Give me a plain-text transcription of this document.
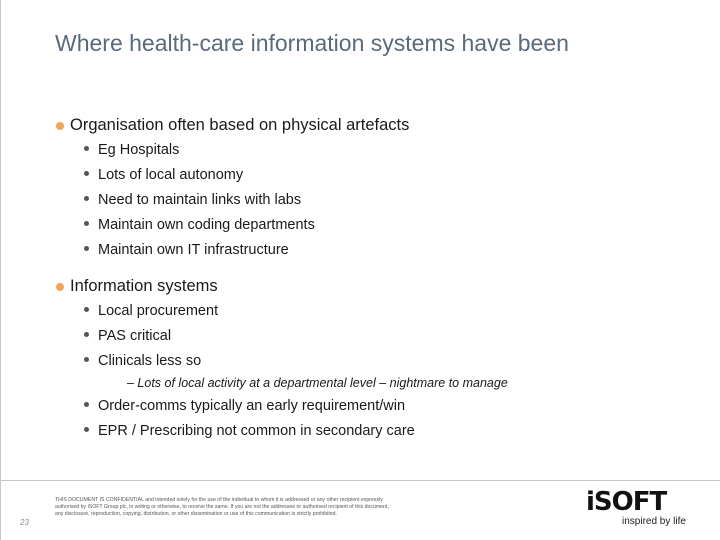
Where health-care information systems have been
Organisation often based on physical artefacts
Eg Hospitals
Lots of local autonomy
Need to maintain links with labs
Maintain own coding departments
Maintain own IT infrastructure
Information systems
Local procurement
PAS critical
Clinicals less so
– Lots of local activity at a departmental level – nightmare to manage
Order-comms typically an early requirement/win
EPR / Prescribing not common in secondary care
23
THIS DOCUMENT IS CONFIDENTIAL and intended solely for the use of the individual to whom it is addressed or any other recipient expressly authorised by iSOFT Group plc, in writing or otherwise, to receive the same. If you are not the addressee or authorised recipient of this document, any disclosure, reproduction, copying, distribution, or other dissemination or use of this communication is strictly prohibited.	iSOFT
inspired by life
